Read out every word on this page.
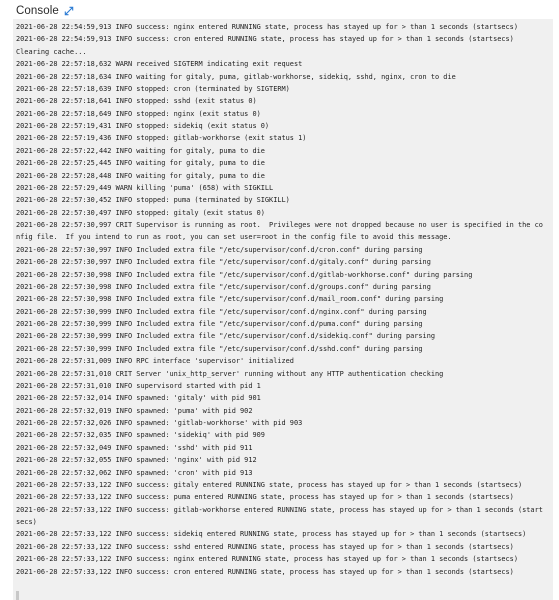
Console
2021-06-28 22:54:59,913 INFO success: nginx entered RUNNING state, process has stayed up for > than 1 seconds (startsecs)
2021-06-28 22:54:59,913 INFO success: cron entered RUNNING state, process has stayed up for > than 1 seconds (startsecs)
Clearing cache...
2021-06-28 22:57:18,632 WARN received SIGTERM indicating exit request
2021-06-28 22:57:18,634 INFO waiting for gitaly, puma, gitlab-workhorse, sidekiq, sshd, nginx, cron to die
2021-06-28 22:57:18,639 INFO stopped: cron (terminated by SIGTERM)
2021-06-28 22:57:18,641 INFO stopped: sshd (exit status 0)
2021-06-28 22:57:18,649 INFO stopped: nginx (exit status 0)
2021-06-28 22:57:19,431 INFO stopped: sidekiq (exit status 0)
2021-06-28 22:57:19,436 INFO stopped: gitlab-workhorse (exit status 1)
2021-06-28 22:57:22,442 INFO waiting for gitaly, puma to die
2021-06-28 22:57:25,445 INFO waiting for gitaly, puma to die
2021-06-28 22:57:28,448 INFO waiting for gitaly, puma to die
2021-06-28 22:57:29,449 WARN killing 'puma' (658) with SIGKILL
2021-06-28 22:57:30,452 INFO stopped: puma (terminated by SIGKILL)
2021-06-28 22:57:30,497 INFO stopped: gitaly (exit status 0)
2021-06-28 22:57:30,997 CRIT Supervisor is running as root.  Privileges were not dropped because no user is specified in the co
nfig file.  If you intend to run as root, you can set user=root in the config file to avoid this message.
2021-06-28 22:57:30,997 INFO Included extra file "/etc/supervisor/conf.d/cron.conf" during parsing
2021-06-28 22:57:30,997 INFO Included extra file "/etc/supervisor/conf.d/gitaly.conf" during parsing
2021-06-28 22:57:30,998 INFO Included extra file "/etc/supervisor/conf.d/gitlab-workhorse.conf" during parsing
2021-06-28 22:57:30,998 INFO Included extra file "/etc/supervisor/conf.d/groups.conf" during parsing
2021-06-28 22:57:30,998 INFO Included extra file "/etc/supervisor/conf.d/mail_room.conf" during parsing
2021-06-28 22:57:30,999 INFO Included extra file "/etc/supervisor/conf.d/nginx.conf" during parsing
2021-06-28 22:57:30,999 INFO Included extra file "/etc/supervisor/conf.d/puma.conf" during parsing
2021-06-28 22:57:30,999 INFO Included extra file "/etc/supervisor/conf.d/sidekiq.conf" during parsing
2021-06-28 22:57:30,999 INFO Included extra file "/etc/supervisor/conf.d/sshd.conf" during parsing
2021-06-28 22:57:31,009 INFO RPC interface 'supervisor' initialized
2021-06-28 22:57:31,010 CRIT Server 'unix_http_server' running without any HTTP authentication checking
2021-06-28 22:57:31,010 INFO supervisord started with pid 1
2021-06-28 22:57:32,014 INFO spawned: 'gitaly' with pid 901
2021-06-28 22:57:32,019 INFO spawned: 'puma' with pid 902
2021-06-28 22:57:32,026 INFO spawned: 'gitlab-workhorse' with pid 903
2021-06-28 22:57:32,035 INFO spawned: 'sidekiq' with pid 909
2021-06-28 22:57:32,049 INFO spawned: 'sshd' with pid 911
2021-06-28 22:57:32,055 INFO spawned: 'nginx' with pid 912
2021-06-28 22:57:32,062 INFO spawned: 'cron' with pid 913
2021-06-28 22:57:33,122 INFO success: gitaly entered RUNNING state, process has stayed up for > than 1 seconds (startsecs)
2021-06-28 22:57:33,122 INFO success: puma entered RUNNING state, process has stayed up for > than 1 seconds (startsecs)
2021-06-28 22:57:33,122 INFO success: gitlab-workhorse entered RUNNING state, process has stayed up for > than 1 seconds (start
secs)
2021-06-28 22:57:33,122 INFO success: sidekiq entered RUNNING state, process has stayed up for > than 1 seconds (startsecs)
2021-06-28 22:57:33,122 INFO success: sshd entered RUNNING state, process has stayed up for > than 1 seconds (startsecs)
2021-06-28 22:57:33,122 INFO success: nginx entered RUNNING state, process has stayed up for > than 1 seconds (startsecs)
2021-06-28 22:57:33,122 INFO success: cron entered RUNNING state, process has stayed up for > than 1 seconds (startsecs)
